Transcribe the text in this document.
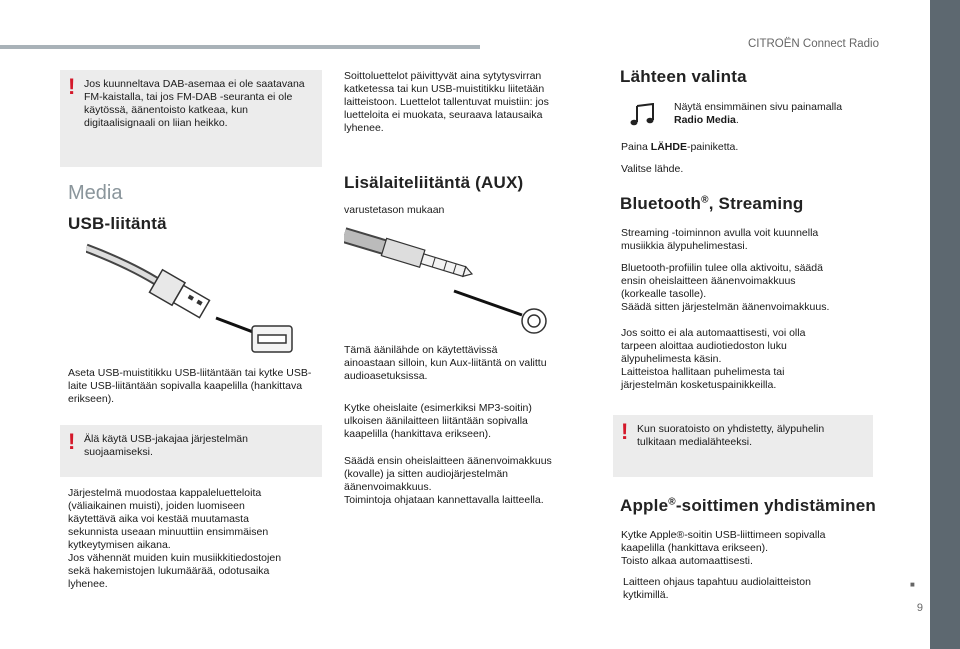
CITROËN Connect Radio
■
9
! Jos kuunneltava DAB-asemaa ei ole saatavana FM-kaistalla, tai jos FM-DAB -seuranta ei ole käytössä, äänentoisto katkeaa, kun digitaalisignaali on liian heikko.
Media
USB-liitäntä
Aseta USB-muistitikku USB-liitäntään tai kytke USB-laite USB-liitäntään sopivalla kaapelilla (hankittava erikseen).
! Älä käytä USB-jakajaa järjestelmän suojaamiseksi.
Järjestelmä muodostaa kappaleluetteloita
(väliaikainen muisti), joiden luomiseen
käytettävä aika voi kestää muutamasta
sekunnista useaan minuuttiin ensimmäisen
kytkeytymisen aikana.
Jos vähennät muiden kuin musiikkitiedostojen
sekä hakemistojen lukumäärää, odotusaika
lyhenee.
Soittoluettelot päivittyvät aina sytytysvirran
katketessa tai kun USB-muistitikku liitetään
laitteistoon. Luettelot tallentuvat muistiin: jos
luetteloita ei muokata, seuraava latausaika
lyhenee.
Lisälaiteliitäntä (AUX)
varustetason mukaan
Tämä äänilähde on käytettävissä
ainoastaan silloin, kun Aux-liitäntä on valittu
audioasetuksissa.
Kytke oheislaite (esimerkiksi MP3-soitin)
ulkoisen äänilaitteen liitäntään sopivalla
kaapelilla (hankittava erikseen).
Säädä ensin oheislaitteen äänenvoimakkuus
(kovalle) ja sitten audiojärjestelmän
äänenvoimakkuus.
Toimintoja ohjataan kannettavalla laitteella.
Lähteen valinta
Näytä ensimmäinen sivu painamalla
Radio Media.
Paina LÄHDE-painiketta.
Valitse lähde.
Bluetooth®, Streaming
Streaming -toiminnon avulla voit kuunnella
musiikkia älypuhelimestasi.
Bluetooth-profiilin tulee olla aktivoitu, säädä
ensin oheislaitteen äänenvoimakkuus
(korkealle tasolle).
Säädä sitten järjestelmän äänenvoimakkuus.
Jos soitto ei ala automaattisesti, voi olla
tarpeen aloittaa audiotiedoston luku
älypuhelimesta käsin.
Laitteistoa hallitaan puhelimesta tai
järjestelmän kosketuspainikkeilla.
! Kun suoratoisto on yhdistetty, älypuhelin tulkitaan medialähteeksi.
Apple®-soittimen yhdistäminen
Kytke Apple®-soitin USB-liittimeen sopivalla
kaapelilla (hankittava erikseen).
Toisto alkaa automaattisesti.
Laitteen ohjaus tapahtuu audiolaitteiston
kytkimillä.
